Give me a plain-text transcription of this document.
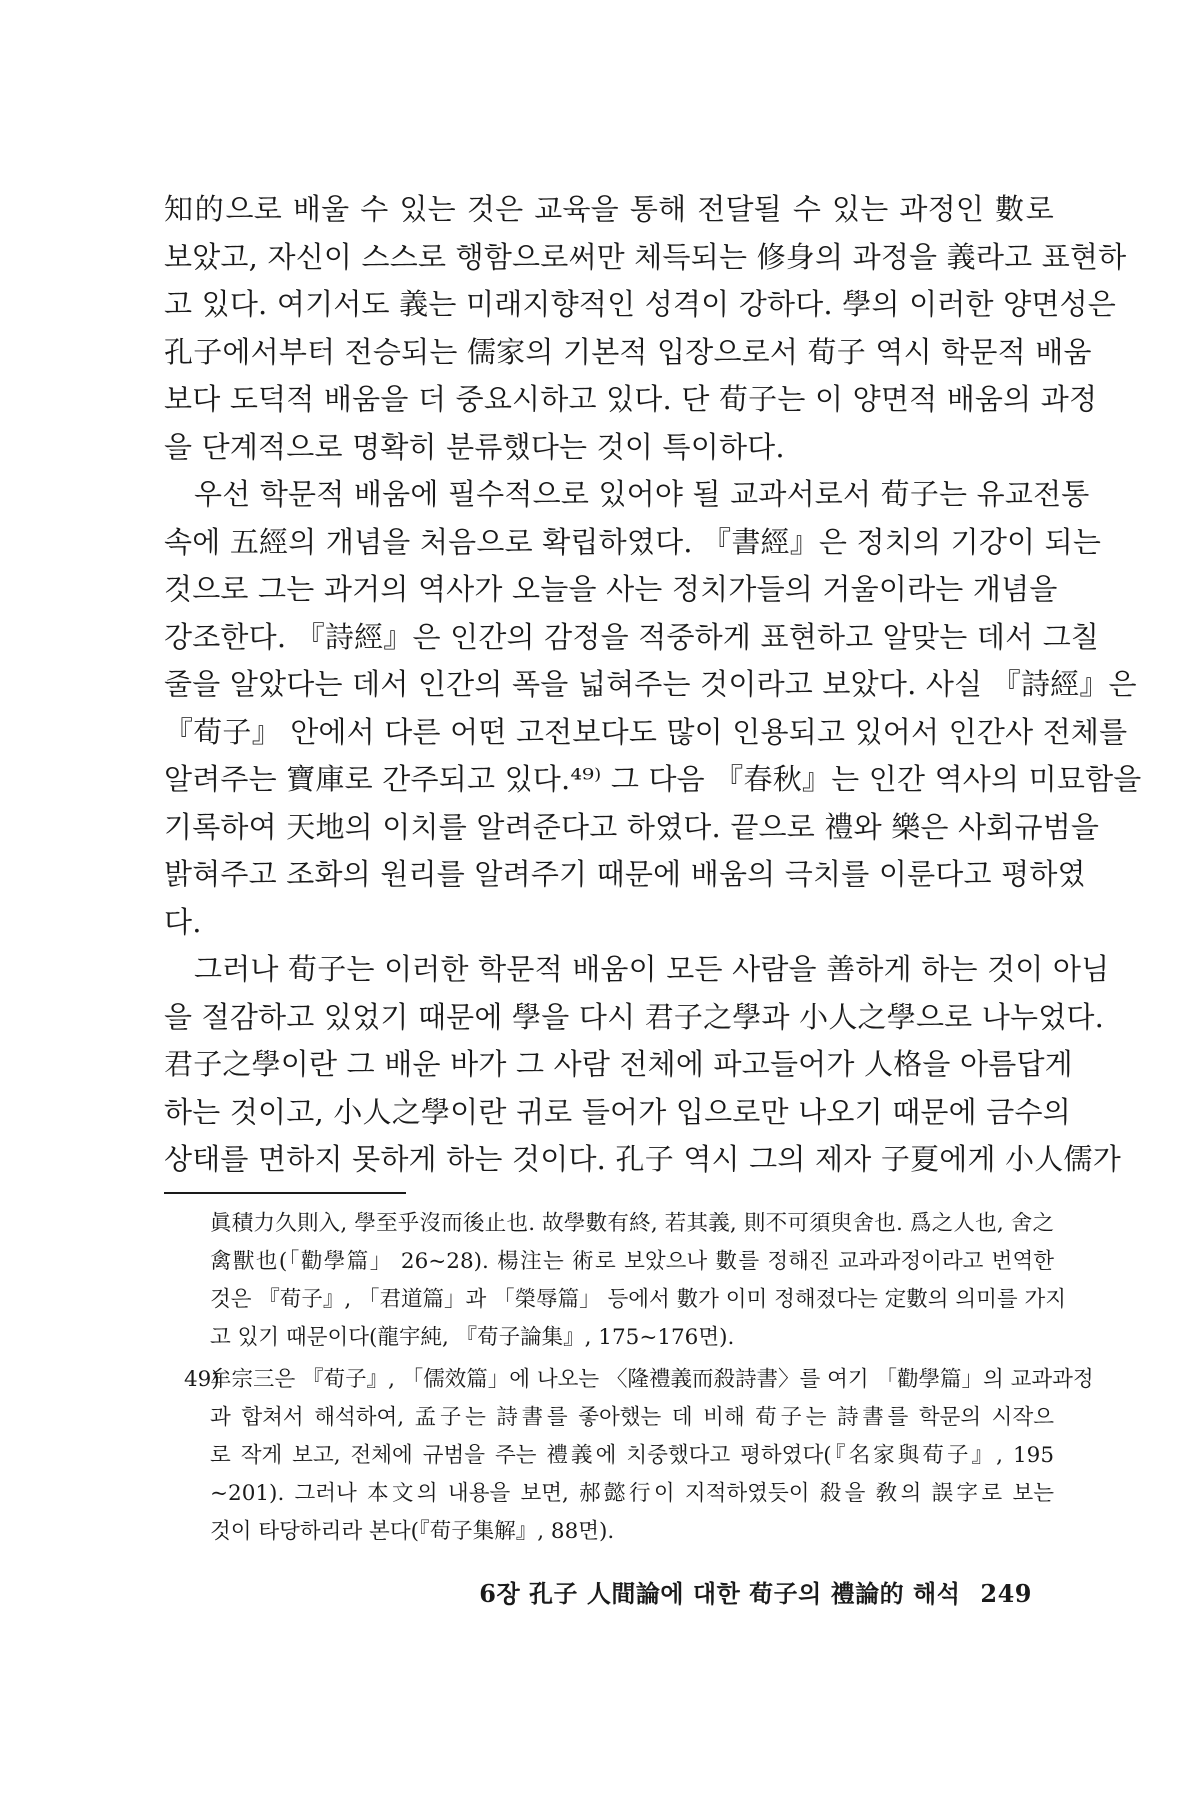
知的으로 배울 수 있는 것은 교육을 통해 전달될 수 있는 과정인 數로
보았고, 자신이 스스로 행함으로써만 체득되는 修身의 과정을 義라고 표현하
고 있다. 여기서도 義는 미래지향적인 성격이 강하다. 學의 이러한 양면성은
孔子에서부터 전승되는 儒家의 기본적 입장으로서 荀子 역시 학문적 배움
보다 도덕적 배움을 더 중요시하고 있다. 단 荀子는 이 양면적 배움의 과정
을 단계적으로 명확히 분류했다는 것이 특이하다.

우선 학문적 배움에 필수적으로 있어야 될 교과서로서 荀子는 유교전통
속에 五經의 개념을 처음으로 확립하였다. 『書經』은 정치의 기강이 되는
것으로 그는 과거의 역사가 오늘을 사는 정치가들의 거울이라는 개념을
강조한다. 『詩經』은 인간의 감정을 적중하게 표현하고 알맞는 데서 그칠
줄을 알았다는 데서 인간의 폭을 넓혀주는 것이라고 보았다. 사실 『詩經』은
『荀子』 안에서 다른 어떤 고전보다도 많이 인용되고 있어서 인간사 전체를
알려주는 寶庫로 간주되고 있다.⁴⁹⁾ 그 다음 『春秋』는 인간 역사의 미묘함을
기록하여 天地의 이치를 알려준다고 하였다. 끝으로 禮와 樂은 사회규범을
밝혀주고 조화의 원리를 알려주기 때문에 배움의 극치를 이룬다고 평하였
다.

그러나 荀子는 이러한 학문적 배움이 모든 사람을 善하게 하는 것이 아님
을 절감하고 있었기 때문에 學을 다시 君子之學과 小人之學으로 나누었다.
君子之學이란 그 배운 바가 그 사람 전체에 파고들어가 人格을 아름답게
하는 것이고, 小人之學이란 귀로 들어가 입으로만 나오기 때문에 금수의
상태를 면하지 못하게 하는 것이다. 孔子 역시 그의 제자 子夏에게 小人儒가

眞積力久則入, 學至乎沒而後止也. 故學數有終, 若其義, 則不可須臾舍也. 爲之人也, 舍之
禽獸也(「勸學篇」 26~28). 楊注는 術로 보았으나 數를 정해진 교과과정이라고 번역한
것은 『荀子』, 「君道篇」과 「榮辱篇」 등에서 數가 이미 정해졌다는 定數의 의미를 가지
고 있기 때문이다(龍宇純, 『荀子論集』, 175~176면).
49)
牟宗三은 『荀子』, 「儒效篇」에 나오는 〈隆禮義而殺詩書〉를 여기 「勸學篇」의 교과과정
과 합쳐서 해석하여, 孟子는 詩書를 좋아했는 데 비해 荀子는 詩書를 학문의 시작으
로 작게 보고, 전체에 규범을 주는 禮義에 치중했다고 평하였다(『名家與荀子』, 195
~201). 그러나 本文의 내용을 보면, 郝懿行이 지적하였듯이 殺을 敎의 誤字로 보는
것이 타당하리라 본다(『荀子集解』, 88면).
6장 孔子 人間論에 대한 荀子의 禮論的 해석 249
